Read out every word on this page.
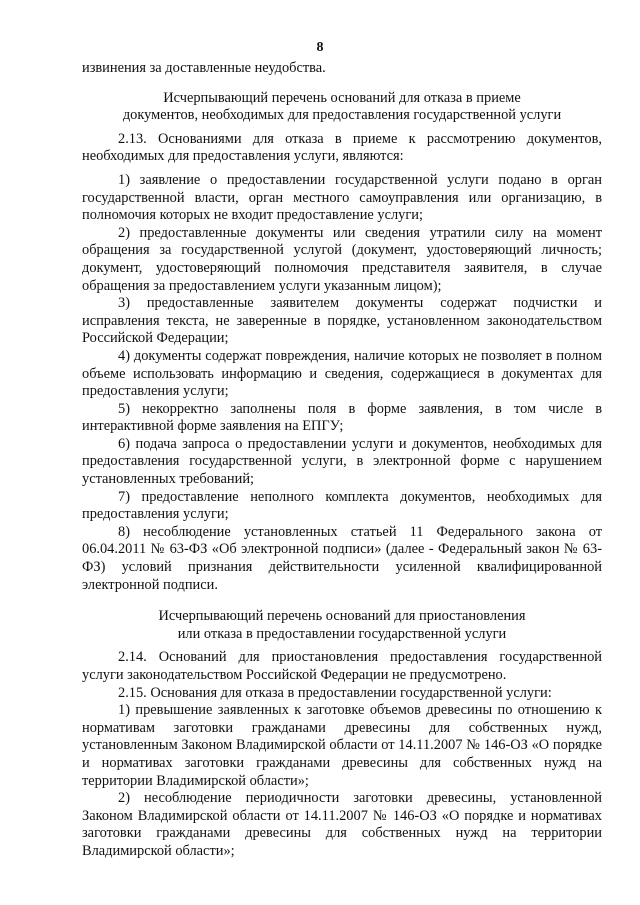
8

извинения за доставленные неудобства.

Исчерпывающий перечень оснований для отказа в приеме

документов, необходимых для предоставления государственной услуги

2.13. Основаниями для отказа в приеме к рассмотрению документов, необходимых для предоставления услуги, являются:

1) заявление о предоставлении государственной услуги подано в орган государственной власти, орган местного самоуправления или организацию, в полномочия которых не входит предоставление услуги;

2) предоставленные документы или сведения утратили силу на момент обращения за государственной услугой (документ, удостоверяющий личность; документ, удостоверяющий полномочия представителя заявителя, в случае обращения за предоставлением услуги указанным лицом);

3) предоставленные заявителем документы содержат подчистки и исправления текста, не заверенные в порядке, установленном законодательством Российской Федерации;

4) документы содержат повреждения, наличие которых не позволяет в полном объеме использовать информацию и сведения, содержащиеся в документах для предоставления услуги;

5) некорректно заполнены поля в форме заявления, в том числе в интерактивной форме заявления на ЕПГУ;

6) подача запроса о предоставлении услуги и документов, необходимых для предоставления государственной услуги, в электронной форме с нарушением установленных требований;

7) предоставление неполного комплекта документов, необходимых для предоставления услуги;

8) несоблюдение установленных статьей 11 Федерального закона от 06.04.2011 № 63-ФЗ «Об электронной подписи» (далее - Федеральный закон № 63-ФЗ) условий признания действительности усиленной квалифицированной электронной подписи.

Исчерпывающий перечень оснований для приостановления

или отказа в предоставлении государственной услуги

2.14. Оснований для приостановления предоставления государственной услуги законодательством Российской Федерации не предусмотрено.

2.15. Основания для отказа в предоставлении государственной услуги:

1) превышение заявленных к заготовке объемов древесины по отношению к нормативам заготовки гражданами древесины для собственных нужд, установленным Законом Владимирской области от 14.11.2007 № 146-ОЗ «О порядке и нормативах заготовки гражданами древесины для собственных нужд на территории Владимирской области»;

2) несоблюдение периодичности заготовки древесины, установленной Законом Владимирской области от 14.11.2007 № 146-ОЗ «О порядке и нормативах заготовки гражданами древесины для собственных нужд на территории Владимирской области»;
